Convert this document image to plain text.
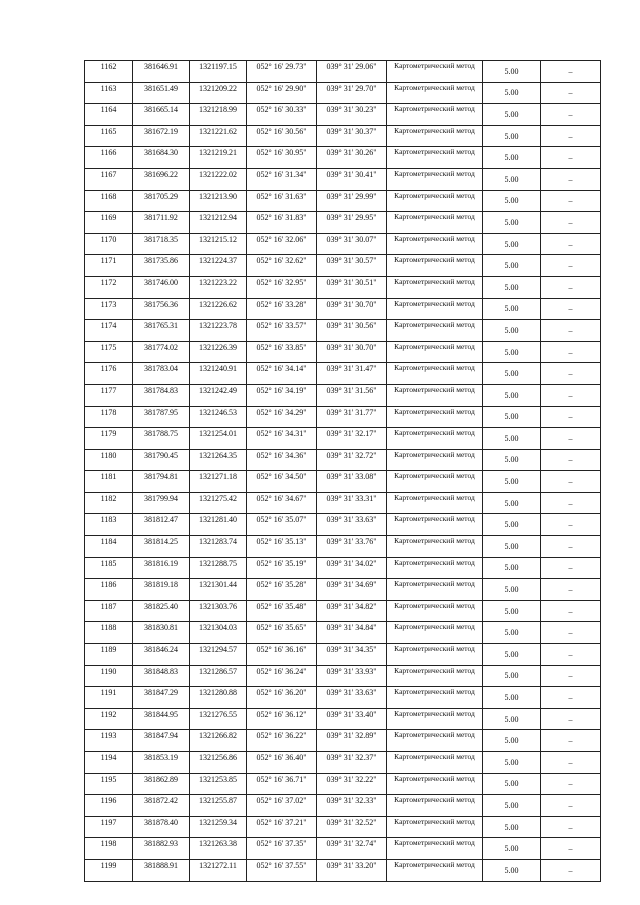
1162	381646.91	1321197.15	052° 16' 29.73"	039° 31' 29.06"	Картометрический метод	5.00	–
1163	381651.49	1321209.22	052° 16' 29.90"	039° 31' 29.70"	Картометрический метод	5.00	–
1164	381665.14	1321218.99	052° 16' 30.33"	039° 31' 30.23"	Картометрический метод	5.00	–
1165	381672.19	1321221.62	052° 16' 30.56"	039° 31' 30.37"	Картометрический метод	5.00	–
1166	381684.30	1321219.21	052° 16' 30.95"	039° 31' 30.26"	Картометрический метод	5.00	–
1167	381696.22	1321222.02	052° 16' 31.34"	039° 31' 30.41"	Картометрический метод	5.00	–
1168	381705.29	1321213.90	052° 16' 31.63"	039° 31' 29.99"	Картометрический метод	5.00	–
1169	381711.92	1321212.94	052° 16' 31.83"	039° 31' 29.95"	Картометрический метод	5.00	–
1170	381718.35	1321215.12	052° 16' 32.06"	039° 31' 30.07"	Картометрический метод	5.00	–
1171	381735.86	1321224.37	052° 16' 32.62"	039° 31' 30.57"	Картометрический метод	5.00	–
1172	381746.00	1321223.22	052° 16' 32.95"	039° 31' 30.51"	Картометрический метод	5.00	–
1173	381756.36	1321226.62	052° 16' 33.28"	039° 31' 30.70"	Картометрический метод	5.00	–
1174	381765.31	1321223.78	052° 16' 33.57"	039° 31' 30.56"	Картометрический метод	5.00	–
1175	381774.02	1321226.39	052° 16' 33.85"	039° 31' 30.70"	Картометрический метод	5.00	–
1176	381783.04	1321240.91	052° 16' 34.14"	039° 31' 31.47"	Картометрический метод	5.00	–
1177	381784.83	1321242.49	052° 16' 34.19"	039° 31' 31.56"	Картометрический метод	5.00	–
1178	381787.95	1321246.53	052° 16' 34.29"	039° 31' 31.77"	Картометрический метод	5.00	–
1179	381788.75	1321254.01	052° 16' 34.31"	039° 31' 32.17"	Картометрический метод	5.00	–
1180	381790.45	1321264.35	052° 16' 34.36"	039° 31' 32.72"	Картометрический метод	5.00	–
1181	381794.81	1321271.18	052° 16' 34.50"	039° 31' 33.08"	Картометрический метод	5.00	–
1182	381799.94	1321275.42	052° 16' 34.67"	039° 31' 33.31"	Картометрический метод	5.00	–
1183	381812.47	1321281.40	052° 16' 35.07"	039° 31' 33.63"	Картометрический метод	5.00	–
1184	381814.25	1321283.74	052° 16' 35.13"	039° 31' 33.76"	Картометрический метод	5.00	–
1185	381816.19	1321288.75	052° 16' 35.19"	039° 31' 34.02"	Картометрический метод	5.00	–
1186	381819.18	1321301.44	052° 16' 35.28"	039° 31' 34.69"	Картометрический метод	5.00	–
1187	381825.40	1321303.76	052° 16' 35.48"	039° 31' 34.82"	Картометрический метод	5.00	–
1188	381830.81	1321304.03	052° 16' 35.65"	039° 31' 34.84"	Картометрический метод	5.00	–
1189	381846.24	1321294.57	052° 16' 36.16"	039° 31' 34.35"	Картометрический метод	5.00	–
1190	381848.83	1321286.57	052° 16' 36.24"	039° 31' 33.93"	Картометрический метод	5.00	–
1191	381847.29	1321280.88	052° 16' 36.20"	039° 31' 33.63"	Картометрический метод	5.00	–
1192	381844.95	1321276.55	052° 16' 36.12"	039° 31' 33.40"	Картометрический метод	5.00	–
1193	381847.94	1321266.82	052° 16' 36.22"	039° 31' 32.89"	Картометрический метод	5.00	–
1194	381853.19	1321256.86	052° 16' 36.40"	039° 31' 32.37"	Картометрический метод	5.00	–
1195	381862.89	1321253.85	052° 16' 36.71"	039° 31' 32.22"	Картометрический метод	5.00	–
1196	381872.42	1321255.87	052° 16' 37.02"	039° 31' 32.33"	Картометрический метод	5.00	–
1197	381878.40	1321259.34	052° 16' 37.21"	039° 31' 32.52"	Картометрический метод	5.00	–
1198	381882.93	1321263.38	052° 16' 37.35"	039° 31' 32.74"	Картометрический метод	5.00	–
1199	381888.91	1321272.11	052° 16' 37.55"	039° 31' 33.20"	Картометрический метод	5.00	–
